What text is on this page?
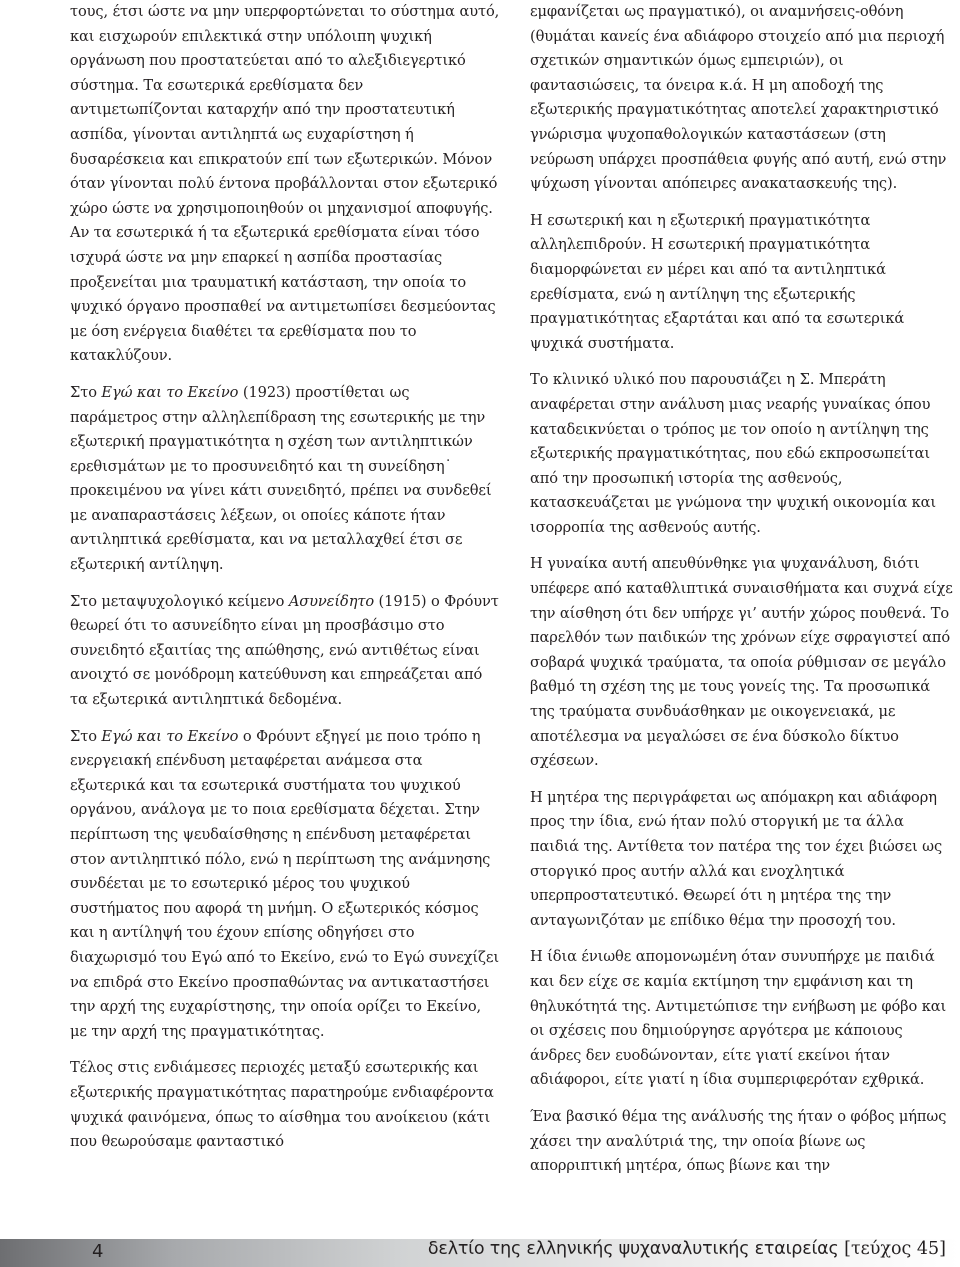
τους, έτσι ώστε να μην υπερφορτώνεται το σύστημα αυτό, και εισχωρούν επιλεκτικά στην υπόλοιπη ψυχική οργάνωση που προστατεύεται από το αλεξιδιεγερτικό σύστημα. Τα εσωτερικά ερεθίσματα δεν αντιμετωπίζονται καταρχήν από την προστατευτική ασπίδα, γίνονται αντιληπτά ως ευχαρίστηση ή δυσαρέσκεια και επικρατούν επί των εξωτερικών. Μόνον όταν γίνονται πολύ έντονα προβάλλονται στον εξωτερικό χώρο ώστε να χρησιμοποιηθούν οι μηχανισμοί αποφυγής. Αν τα εσωτερικά ή τα εξωτερικά ερεθίσματα είναι τόσο ισχυρά ώστε να μην επαρκεί η ασπίδα προστασίας προξενείται μια τραυματική κατάσταση, την οποία το ψυχικό όργανο προσπαθεί να αντιμετωπίσει δεσμεύοντας με όση ενέργεια διαθέτει τα ερεθίσματα που το κατακλύζουν.

Στο Εγώ και το Εκείνο (1923) προστίθεται ως παράμετρος στην αλληλεπίδραση της εσωτερικής με την εξωτερική πραγματικότητα η σχέση των αντιληπτικών ερεθισμάτων με το προσυνειδητό και τη συνείδηση˙ προκειμένου να γίνει κάτι συνειδητό, πρέπει να συνδεθεί με αναπαραστάσεις λέξεων, οι οποίες κάποτε ήταν αντιληπτικά ερεθίσματα, και να μεταλλαχθεί έτσι σε εξωτερική αντίληψη.

Στο μεταψυχολογικό κείμενο Ασυνείδητο (1915) ο Φρόυντ θεωρεί ότι το ασυνείδητο είναι μη προσβάσιμο στο συνειδητό εξαιτίας της απώθησης, ενώ αντιθέτως είναι ανοιχτό σε μονόδρομη κατεύθυνση και επηρεάζεται από τα εξωτερικά αντιληπτικά δεδομένα.

Στο Εγώ και το Εκείνο ο Φρόυντ εξηγεί με ποιο τρόπο η ενεργειακή επένδυση μεταφέρεται ανάμεσα στα εξωτερικά και τα εσωτερικά συστήματα του ψυχικού οργάνου, ανάλογα με το ποια ερεθίσματα δέχεται. Στην περίπτωση της ψευδαίσθησης η επένδυση μεταφέρεται στον αντιληπτικό πόλο, ενώ η περίπτωση της ανάμνησης συνδέεται με το εσωτερικό μέρος του ψυχικού συστήματος που αφορά τη μνήμη. Ο εξωτερικός κόσμος και η αντίληψή του έχουν επίσης οδηγήσει στο διαχωρισμό του Εγώ από το Εκείνο, ενώ το Εγώ συνεχίζει να επιδρά στο Εκείνο προσπαθώντας να αντικαταστήσει την αρχή της ευχαρίστησης, την οποία ορίζει το Εκείνο, με την αρχή της πραγματικότητας.

Τέλος στις ενδιάμεσες περιοχές μεταξύ εσωτερικής και εξωτερικής πραγματικότητας παρατηρούμε ενδιαφέροντα ψυχικά φαινόμενα, όπως το αίσθημα του ανοίκειου (κάτι που θεωρούσαμε φανταστικό

εμφανίζεται ως πραγματικό), οι αναμνήσεις-οθόνη (θυμάται κανείς ένα αδιάφορο στοιχείο από μια περιοχή σχετικών σημαντικών όμως εμπειριών), οι φαντασιώσεις, τα όνειρα κ.ά. Η μη αποδοχή της εξωτερικής πραγματικότητας αποτελεί χαρακτηριστικό γνώρισμα ψυχοπαθολογικών καταστάσεων (στη νεύρωση υπάρχει προσπάθεια φυγής από αυτή, ενώ στην ψύχωση γίνονται απόπειρες ανακατασκευής της).

Η εσωτερική και η εξωτερική πραγματικότητα αλληλεπιδρούν. Η εσωτερική πραγματικότητα διαμορφώνεται εν μέρει και από τα αντιληπτικά ερεθίσματα, ενώ η αντίληψη της εξωτερικής πραγματικότητας εξαρτάται και από τα εσωτερικά ψυχικά συστήματα.

Το κλινικό υλικό που παρουσιάζει η Σ. Μπεράτη αναφέρεται στην ανάλυση μιας νεαρής γυναίκας όπου καταδεικνύεται ο τρόπος με τον οποίο η αντίληψη της εξωτερικής πραγματικότητας, που εδώ εκπροσωπείται από την προσωπική ιστορία της ασθενούς, κατασκευάζεται με γνώμονα την ψυχική οικονομία και ισορροπία της ασθενούς αυτής.

Η γυναίκα αυτή απευθύνθηκε για ψυχανάλυση, διότι υπέφερε από καταθλιπτικά συναισθήματα και συχνά είχε την αίσθηση ότι δεν υπήρχε γι’ αυτήν χώρος πουθενά. Το παρελθόν των παιδικών της χρόνων είχε σφραγιστεί από σοβαρά ψυχικά τραύματα, τα οποία ρύθμισαν σε μεγάλο βαθμό τη σχέση της με τους γονείς της. Τα προσωπικά της τραύματα συνδυάσθηκαν με οικογενειακά, με αποτέλεσμα να μεγαλώσει σε ένα δύσκολο δίκτυο σχέσεων.

Η μητέρα της περιγράφεται ως απόμακρη και αδιάφορη προς την ίδια, ενώ ήταν πολύ στοργική με τα άλλα παιδιά της. Αντίθετα τον πατέρα της τον έχει βιώσει ως στοργικό προς αυτήν αλλά και ενοχλητικά υπερπροστατευτικό. Θεωρεί ότι η μητέρα της την ανταγωνιζόταν με επίδικο θέμα την προσοχή του.

Η ίδια ένιωθε απομονωμένη όταν συνυπήρχε με παιδιά και δεν είχε σε καμία εκτίμηση την εμφάνιση και τη θηλυκότητά της. Αντιμετώπισε την ενήβωση με φόβο και οι σχέσεις που δημιούργησε αργότερα με κάποιους άνδρες δεν ευοδώνονταν, είτε γιατί εκείνοι ήταν αδιάφοροι, είτε γιατί η ίδια συμπεριφερόταν εχθρικά.

Ένα βασικό θέμα της ανάλυσής της ήταν ο φόβος μήπως χάσει την αναλύτριά της, την οποία βίωνε ως απορριπτική μητέρα, όπως βίωνε και την

4	δελτίο της ελληνικής ψυχαναλυτικής εταιρείας [τεύχος 45]
